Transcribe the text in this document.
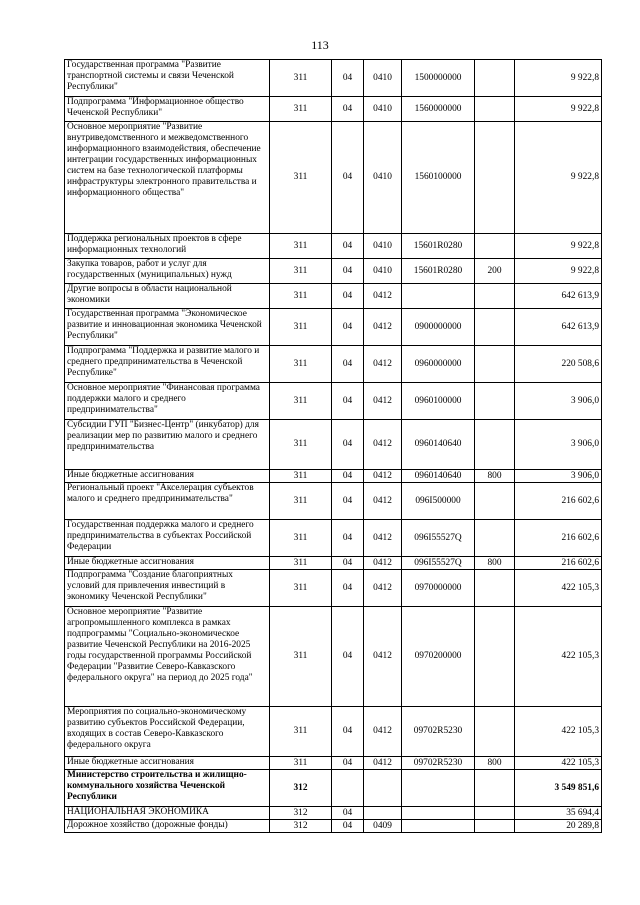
113
Государственная программа "Развитие транспортной системы и связи Чеченской Республики"	311	04	0410	1500000000		9 922,8
Подпрограмма "Информационное общество Чеченской Республики"	311	04	0410	1560000000		9 922,8
Основное мероприятие "Развитие внутриведомственного и межведомственного информационного взаимодействия, обеспечение интеграции государственных информационных систем на базе технологической платформы инфраструктуры электронного правительства и информационного общества"	311	04	0410	1560100000		9 922,8
Поддержка региональных проектов в сфере информационных технологий	311	04	0410	15601R0280		9 922,8
Закупка товаров, работ и услуг для государственных (муниципальных) нужд	311	04	0410	15601R0280	200	9 922,8
Другие вопросы в области национальной экономики	311	04	0412			642 613,9
Государственная программа "Экономическое развитие и инновационная экономика Чеченской Республики"	311	04	0412	0900000000		642 613,9
Подпрограмма "Поддержка и развитие малого и среднего предпринимательства в Чеченской Республике"	311	04	0412	0960000000		220 508,6
Основное мероприятие "Финансовая программа поддержки малого и среднего предпринимательства"	311	04	0412	0960100000		3 906,0
Субсидии ГУП "Бизнес-Центр" (инкубатор) для реализации мер по развитию малого и среднего предпринимательства	311	04	0412	0960140640		3 906,0
Иные бюджетные ассигнования	311	04	0412	0960140640	800	3 906,0
Региональный проект "Акселерация субъектов малого и среднего предпринимательства"	311	04	0412	096I500000		216 602,6
Государственная поддержка малого и среднего предпринимательства в субъектах Российской Федерации	311	04	0412	096I55527Q		216 602,6
Иные бюджетные ассигнования	311	04	0412	096I55527Q	800	216 602,6
Подпрограмма "Создание благоприятных условий для привлечения инвестиций в экономику Чеченской Республики"	311	04	0412	0970000000		422 105,3
Основное мероприятие "Развитие агропромышленного комплекса в рамках подпрограммы "Социально-экономическое развитие Чеченской Республики на 2016-2025 годы государственной программы Российской Федерации "Развитие Северо-Кавказского федерального округа" на период до 2025 года"	311	04	0412	0970200000		422 105,3
Мероприятия по социально-экономическому развитию субъектов Российской Федерации, входящих в состав Северо-Кавказского федерального округа	311	04	0412	09702R5230		422 105,3
Иные бюджетные ассигнования	311	04	0412	09702R5230	800	422 105,3
Министерство строительства и жилищно-коммунального хозяйства Чеченской Республики	312					3 549 851,6
НАЦИОНАЛЬНАЯ ЭКОНОМИКА	312	04				35 694,4
Дорожное хозяйство (дорожные фонды)	312	04	0409			20 289,8
